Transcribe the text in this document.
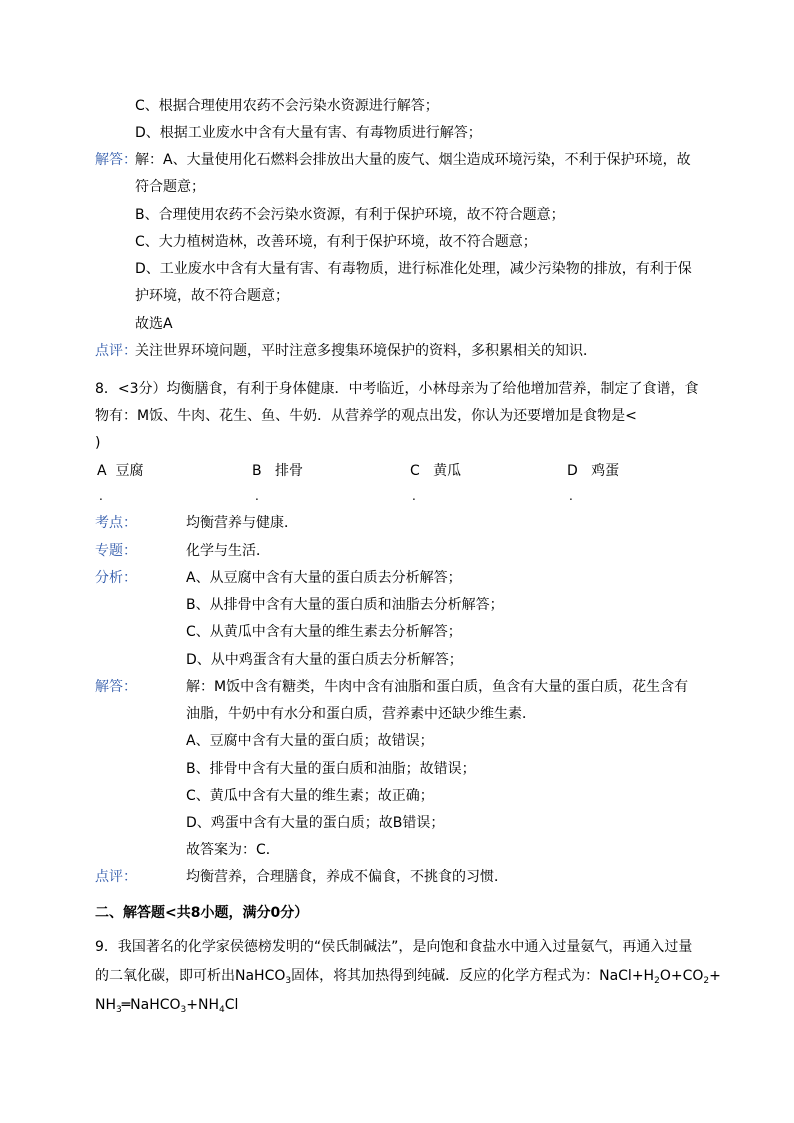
C、根据合理使用农药不会污染水资源进行解答；
D、根据工业废水中含有大量有害、有毒物质进行解答；
解答：
解：A、大量使用化石燃料会排放出大量的废气、烟尘造成环境污染，不利于保护环境，故
符合题意；
B、合理使用农药不会污染水资源，有利于保护环境，故不符合题意；
C、大力植树造林，改善环境，有利于保护环境，故不符合题意；
D、工业废水中含有大量有害、有毒物质，进行标准化处理，减少污染物的排放，有利于保
护环境，故不符合题意；
故选A
点评：
关注世界环境问题，平时注意多搜集环境保护的资料，多积累相关的知识．
8．<3分）均衡膳食，有利于身体健康．中考临近，小林母亲为了给他增加营养，制定了食谱，食
物有：M饭、牛肉、花生、鱼、牛奶．从营养学的观点出发，你认为还要增加是食物是<
)
A 豆腐	B 排骨	C 黄瓜	D 鸡蛋
.	.	.	.
考点：	均衡营养与健康．
专题：	化学与生活．
分析：	A、从豆腐中含有大量的蛋白质去分析解答；
B、从排骨中含有大量的蛋白质和油脂去分析解答；
C、从黄瓜中含有大量的维生素去分析解答；
D、从中鸡蛋含有大量的蛋白质去分析解答；
解答：	解：M饭中含有糖类，牛肉中含有油脂和蛋白质，鱼含有大量的蛋白质，花生含有
油脂，牛奶中有水分和蛋白质，营养素中还缺少维生素．
A、豆腐中含有大量的蛋白质；故错误；
B、排骨中含有大量的蛋白质和油脂；故错误；
C、黄瓜中含有大量的维生素；故正确；
D、鸡蛋中含有大量的蛋白质；故B错误；
故答案为：C．
点评：	均衡营养，合理膳食，养成不偏食，不挑食的习惯．
二、解答题<共8小题，满分0分）
9．我国著名的化学家侯德榜发明的“侯氏制碱法”，是向饱和食盐水中通入过量氨气，再通入过量
的二氧化碳，即可析出NaHCO$_3$固体，将其加热得到纯碱．反应的化学方程式为：$NaCl+H_2O+CO_2+$
$NH_3═NaHCO_3+NH_4Cl$
